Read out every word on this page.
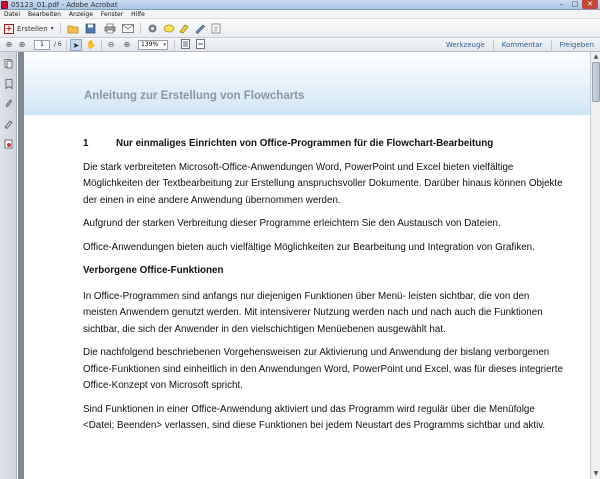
05123_01.pdf - Adobe Acrobat	–	□	✕
Datei Bearbeiten Anzeige Fenster Hilfe
+ Erstellen ▾
⊕ ⊕	1	/ 6	➤ ✋	⊖	⊕	139% ▾	Werkzeuge Kommentar Freigeben
Anleitung zur Erstellung von Flowcharts

1	Nur einmaliges Einrichten von Office-Programmen für die Flowchart-Bearbeitung

Die stark verbreiteten Microsoft-Office-Anwendungen Word, PowerPoint und Excel bieten vielfältige Möglichkeiten der Textbearbeitung zur Erstellung anspruchsvoller Dokumente. Darüber hinaus können Objekte der einen in eine andere Anwendung übernommen werden.

Aufgrund der starken Verbreitung dieser Programme erleichtern Sie den Austausch von Dateien.

Office-Anwendungen bieten auch vielfältige Möglichkeiten zur Bearbeitung und Integration von Grafiken.

Verborgene Office-Funktionen

In Office-Programmen sind anfangs nur diejenigen Funktionen über Menü- leisten sichtbar, die von den meisten Anwendern genutzt werden. Mit intensiverer Nutzung werden nach und nach auch die Funktionen sichtbar, die sich der Anwender in den vielschichtigen Menüebenen ausgewählt hat.

Die nachfolgend beschriebenen Vorgehensweisen zur Aktivierung und Anwendung der bislang verborgenen Office-Funktionen sind einheitlich in den Anwendungen Word, PowerPoint und Excel, was für dieses integrierte Office-Konzept von Microsoft spricht.

Sind Funktionen in einer Office-Anwendung aktiviert und das Programm wird regulär über die Menüfolge <Datei; Beenden> verlassen, sind diese Funktionen bei jedem Neustart des Programms sichtbar und aktiv.

▲
▼
